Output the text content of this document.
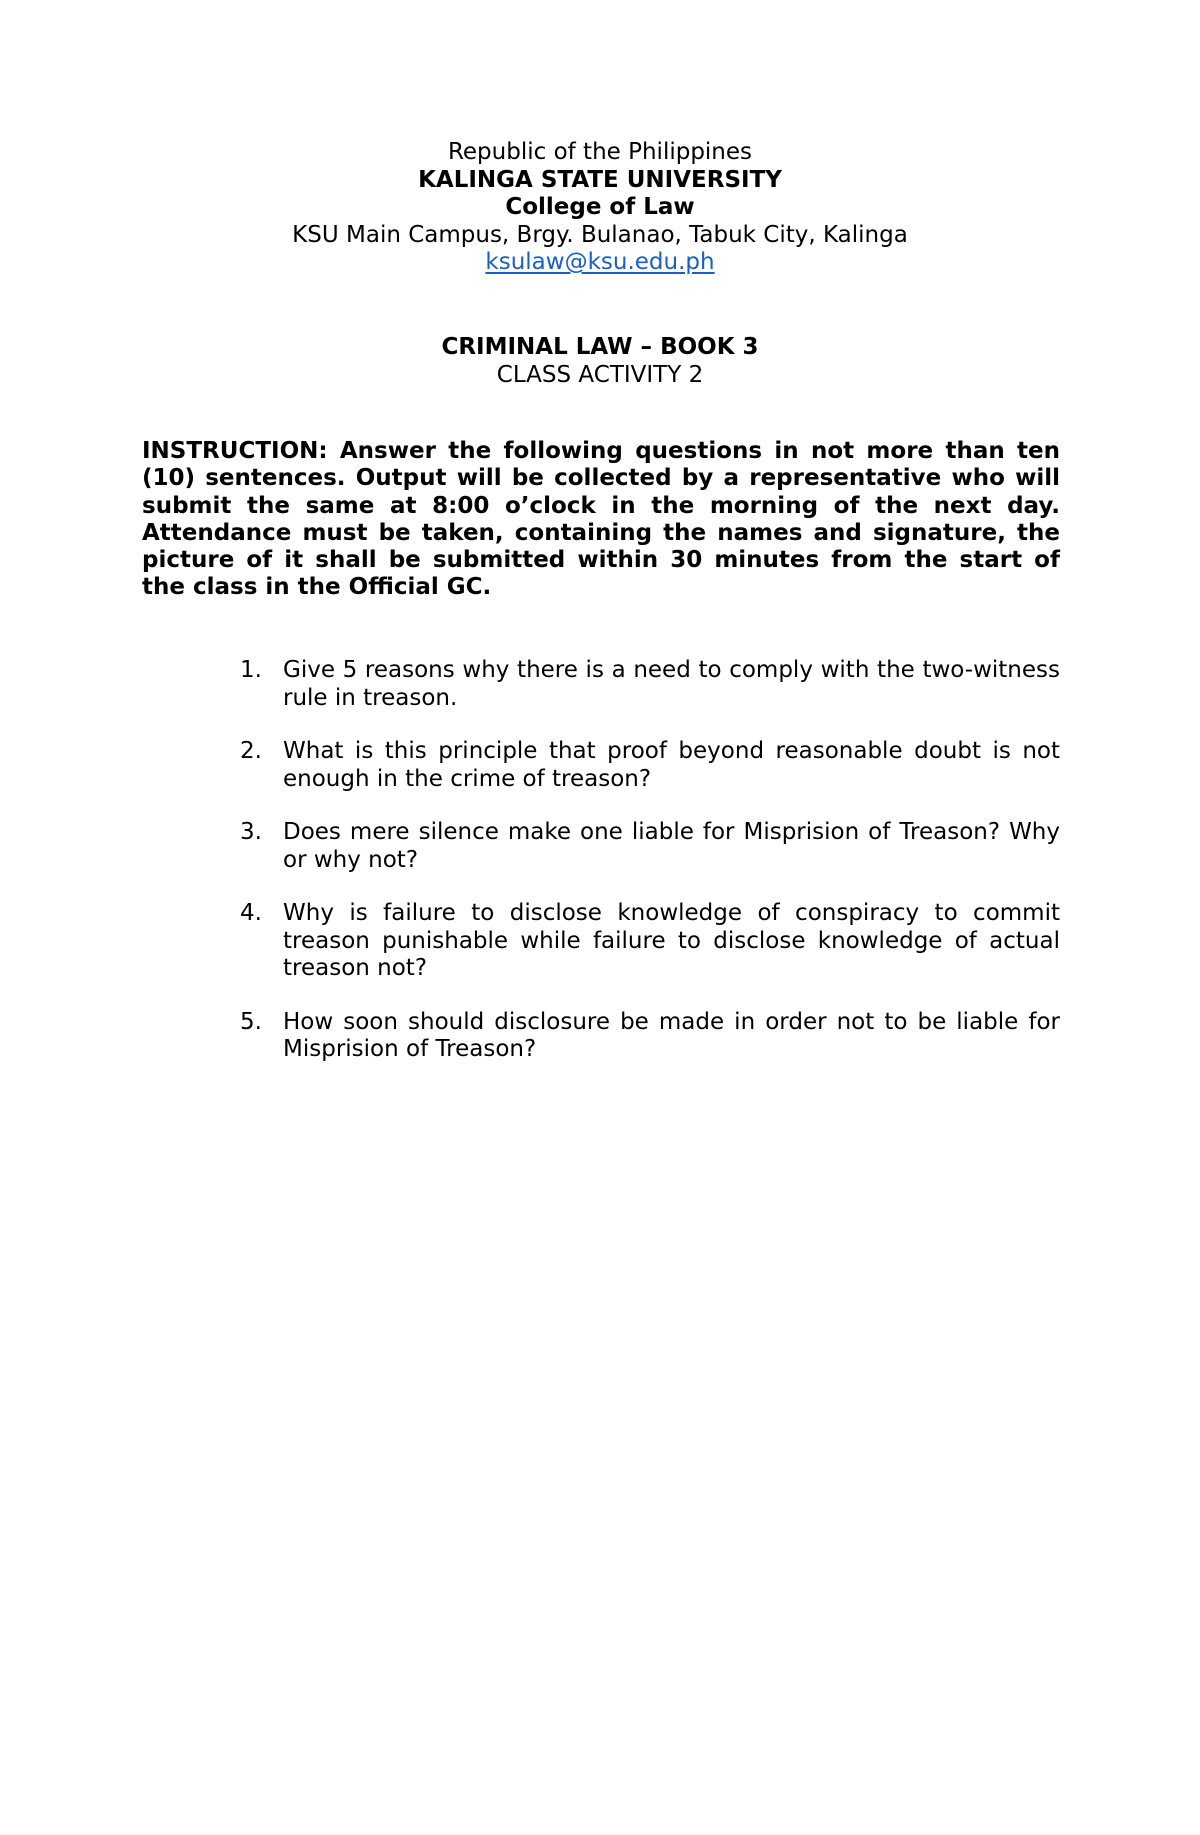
Republic of the Philippines
KALINGA STATE UNIVERSITY
College of Law
KSU Main Campus, Brgy. Bulanao, Tabuk City, Kalinga
ksulaw@ksu.edu.ph
CRIMINAL LAW – BOOK 3
CLASS ACTIVITY 2
INSTRUCTION: Answer the following questions in not more than ten (10) sentences. Output will be collected by a representative who will submit the same at 8:00 o’clock in the morning of the next day. Attendance must be taken, containing the names and signature, the picture of it shall be submitted within 30 minutes from the start of the class in the Official GC.
1. Give 5 reasons why there is a need to comply with the two-witness rule in treason.
2. What is this principle that proof beyond reasonable doubt is not enough in the crime of treason?
3. Does mere silence make one liable for Misprision of Treason? Why or why not?
4. Why is failure to disclose knowledge of conspiracy to commit treason punishable while failure to disclose knowledge of actual treason not?
5. How soon should disclosure be made in order not to be liable for Misprision of Treason?
